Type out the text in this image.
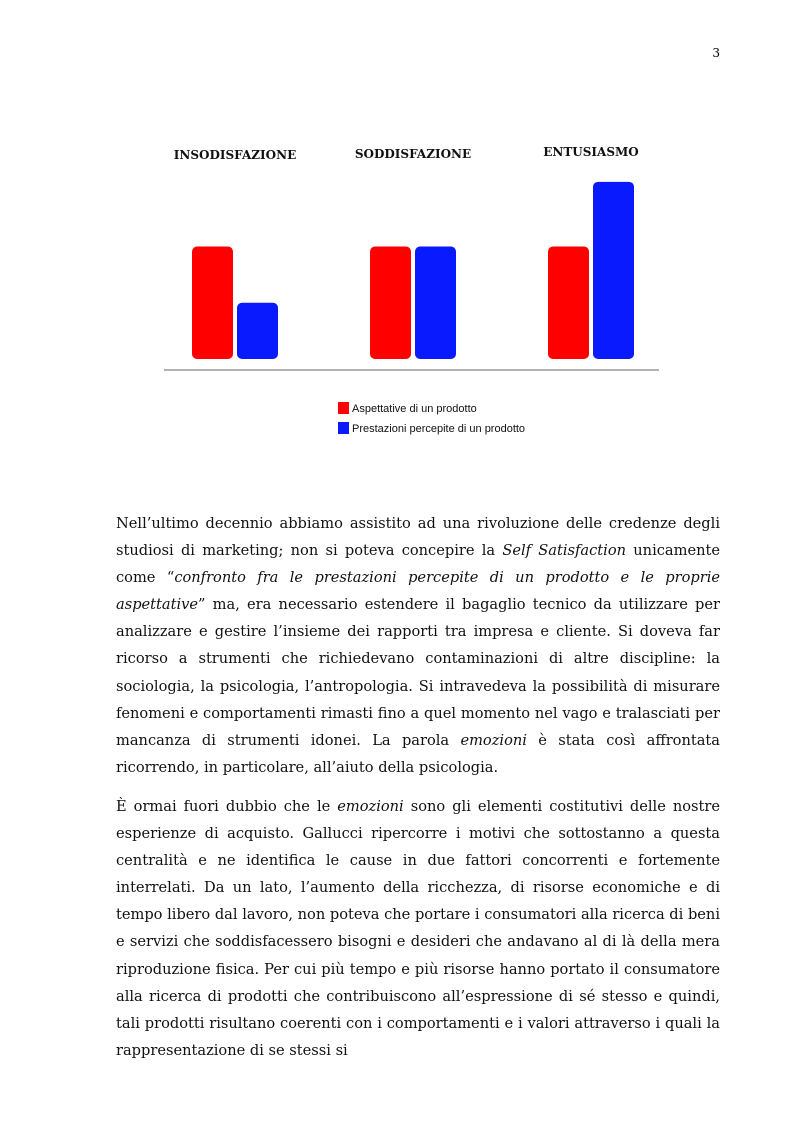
3
INSODISFAZIONE	SODDISFAZIONE	ENTUSIASMO
Aspettative di un prodotto
Prestazioni percepite di un prodotto

Nell’ultimo decennio abbiamo assistito ad una rivoluzione delle credenze degli studiosi di marketing; non si poteva concepire la Self Satisfaction unicamente come “confronto fra le prestazioni percepite di un prodotto e le proprie aspettative” ma, era necessario estendere il bagaglio tecnico da utilizzare per analizzare e gestire l’insieme dei rapporti tra impresa e cliente. Si doveva far ricorso a strumenti che richiedevano contaminazioni di altre discipline: la sociologia, la psicologia, l’antropologia. Si intravedeva la possibilità di misurare fenomeni e comportamenti rimasti fino a quel momento nel vago e tralasciati per mancanza di strumenti idonei. La parola emozioni è stata così affrontata ricorrendo, in particolare, all’aiuto della psicologia.

È ormai fuori dubbio che le emozioni sono gli elementi costitutivi delle nostre esperienze di acquisto. Gallucci ripercorre i motivi che sottostanno a questa centralità e ne identifica le cause in due fattori concorrenti e fortemente interrelati. Da un lato, l’aumento della ricchezza, di risorse economiche e di tempo libero dal lavoro, non poteva che portare i consumatori alla ricerca di beni e servizi che soddisfacessero bisogni e desideri che andavano al di là della mera riproduzione fisica. Per cui più tempo e più risorse hanno portato il consumatore alla ricerca di prodotti che contribuiscono all’espressione di sé stesso e quindi, tali prodotti risultano coerenti con i comportamenti e i valori attraverso i quali la rappresentazione di se stessi si
